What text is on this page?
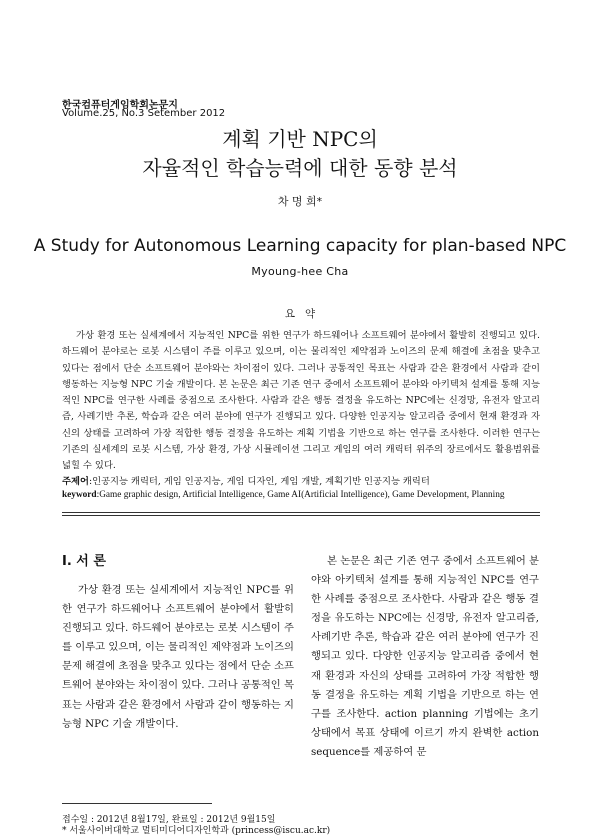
한국컴퓨터게임학회논문지
Volume.25, No.3 Setember 2012
계획 기반 NPC의
자율적인 학습능력에 대한 동향 분석
차 명 희*
A Study for Autonomous Learning capacity for plan-based NPC
Myoung-hee Cha
요약

가상 환경 또는 실세계에서 지능적인 NPC를 위한 연구가 하드웨어나 소프트웨어 분야에서 활발히 진행되고 있다. 하드웨어 분야로는 로봇 시스템이 주를 이루고 있으며, 이는 물리적인 제약점과 노이즈의 문제 해결에 초점을 맞추고 있다는 점에서 단순 소프트웨어 분야와는 차이점이 있다. 그러나 공통적인 목표는 사람과 같은 환경에서 사람과 같이 행동하는 지능형 NPC 기술 개발이다. 본 논문은 최근 기존 연구 중에서 소프트웨어 분야와 아키텍처 설계를 통해 지능적인 NPC를 연구한 사례를 중점으로 조사한다. 사람과 같은 행동 결정을 유도하는 NPC에는 신경망, 유전자 알고리즘, 사례기반 추론, 학습과 같은 여러 분야에 연구가 진행되고 있다. 다양한 인공지능 알고리즘 중에서 현재 환경과 자신의 상태를 고려하여 가장 적합한 행동 결정을 유도하는 계획 기법을 기반으로 하는 연구를 조사한다. 이러한 연구는 기존의 실세계의 로봇 시스템, 가상 환경, 가상 시뮬레이션 그리고 게임의 여러 캐릭터 위주의 장르에서도 활용범위를 넓힐 수 있다.

주제어:인공지능 캐릭터, 게임 인공지능, 게임 디자인, 게임 개발, 계획기반 인공지능 캐릭터
keyword:Game graphic design, Artificial Intelligence, Game AI(Artificial Intelligence), Game Development, Planning
Ⅰ. 서 론

가상 환경 또는 실세계에서 지능적인 NPC를 위한 연구가 하드웨어나 소프트웨어 분야에서 활발히 진행되고 있다. 하드웨어 분야로는 로봇 시스템이 주를 이루고 있으며, 이는 물리적인 제약점과 노이즈의 문제 해결에 초점을 맞추고 있다는 점에서 단순 소프트웨어 분야와는 차이점이 있다. 그러나 공통적인 목표는 사람과 같은 환경에서 사람과 같이 행동하는 지능형 NPC 기술 개발이다.

본 논문은 최근 기존 연구 중에서 소프트웨어 분야와 아키텍처 설계를 통해 지능적인 NPC를 연구한 사례를 중점으로 조사한다. 사람과 같은 행동 결정을 유도하는 NPC에는 신경망, 유전자 알고리즘, 사례기반 추론, 학습과 같은 여러 분야에 연구가 진행되고 있다. 다양한 인공지능 알고리즘 중에서 현재 환경과 자신의 상태를 고려하여 가장 적합한 행동 결정을 유도하는 계획 기법을 기반으로 하는 연구를 조사한다. action planning 기법에는 초기 상태에서 목표 상태에 이르기 까지 완벽한 action sequence를 제공하여 문

접수일 : 2012년 8월17일, 완료일 : 2012년 9월15일
* 서울사이버대학교 멀티미디어디자인학과 (princess@iscu.ac.kr)
